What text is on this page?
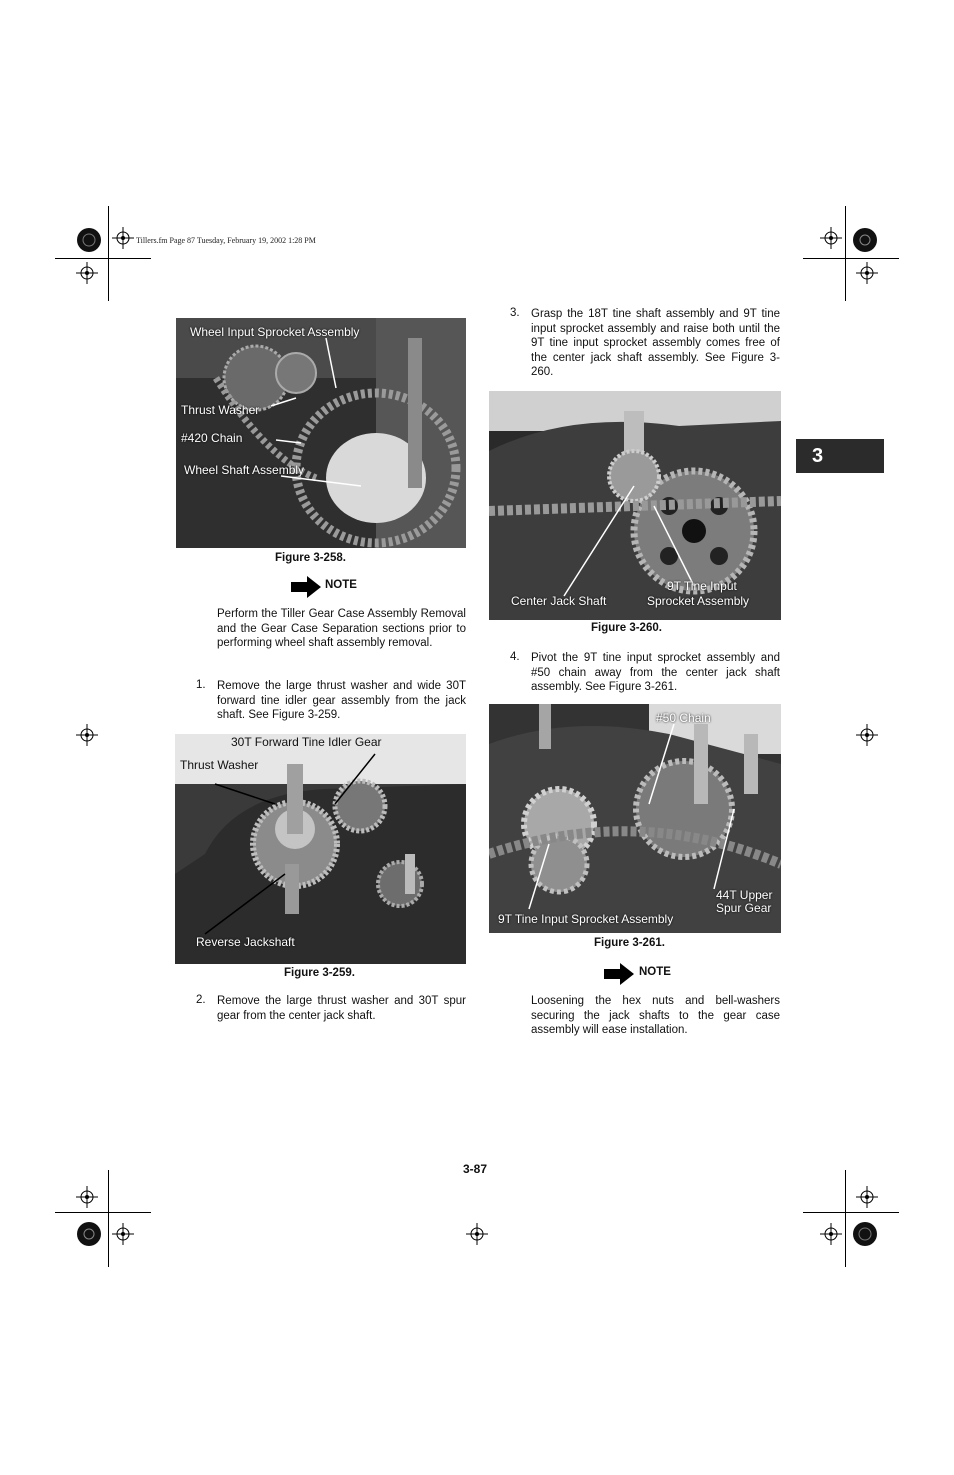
Tillers.fm Page 87 Tuesday, February 19, 2002 1:28 PM
3
Wheel Input Sprocket Assembly
Thrust Washer
#420 Chain
Wheel Shaft Assembly
Figure 3-258.
NOTE
Perform the Tiller Gear Case Assembly Removal and the Gear Case Separation sections prior to performing wheel shaft assembly removal.
1. Remove the large thrust washer and wide 30T forward tine idler gear assembly from the jack shaft. See Figure 3-259.
30T Forward Tine Idler Gear
Thrust Washer
Reverse Jackshaft
Figure 3-259.
2. Remove the large thrust washer and 30T spur gear from the center jack shaft.
3. Grasp the 18T tine shaft assembly and 9T tine input sprocket assembly and raise both until the 9T tine input sprocket assembly comes free of the center jack shaft assembly. See Figure 3-260.
Center Jack Shaft
9T Tine Input
Sprocket Assembly
Figure 3-260.
4. Pivot the 9T tine input sprocket assembly and #50 chain away from the center jack shaft assembly. See Figure 3-261.
#50 Chain
44T Upper
Spur Gear
9T Tine Input Sprocket Assembly
Figure 3-261.
NOTE
Loosening the hex nuts and bell-washers securing the jack shafts to the gear case assembly will ease installation.
3-87
